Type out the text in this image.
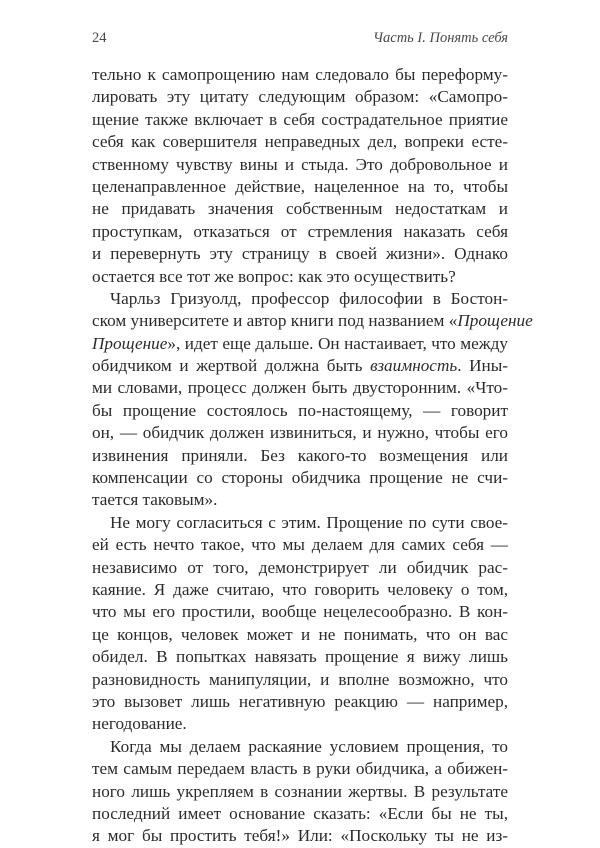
24	Часть I. Понять себя
тельно к самопрощению нам следовало бы переформу-
лировать эту цитату следующим образом: «Самопро-
щение также включает в себя сострадательное приятие
себя как совершителя неправедных дел, вопреки есте-
ственному чувству вины и стыда. Это добровольное и
целенаправленное действие, нацеленное на то, чтобы
не придавать значения собственным недостаткам и
проступкам, отказаться от стремления наказать себя
и перевернуть эту страницу в своей жизни». Однако
остается все тот же вопрос: как это осуществить?
Чарльз Гризуолд, профессор философии в Бостон-
ском университете и автор книги под названием «Прощение
Прощение», идет еще дальше. Он настаивает, что между
обидчиком и жертвой должна быть взаимность. Ины-
ми словами, процесс должен быть двусторонним. «Что-
бы прощение состоялось по-настоящему, — говорит
он, — обидчик должен извиниться, и нужно, чтобы его
извинения приняли. Без какого-то возмещения или
компенсации со стороны обидчика прощение не счи-
тается таковым».
Не могу согласиться с этим. Прощение по сути свое-
ей есть нечто такое, что мы делаем для самих себя —
независимо от того, демонстрирует ли обидчик рас-
каяние. Я даже считаю, что говорить человеку о том,
что мы его простили, вообще нецелесообразно. В кон-
це концов, человек может и не понимать, что он вас
обидел. В попытках навязать прощение я вижу лишь
разновидность манипуляции, и вполне возможно, что
это вызовет лишь негативную реакцию — например,
негодование.
Когда мы делаем раскаяние условием прощения, то
тем самым передаем власть в руки обидчика, а обижен-
ного лишь укрепляем в сознании жертвы. В результате
последний имеет основание сказать: «Если бы не ты,
я мог бы простить тебя!» Или: «Поскольку ты не из-
